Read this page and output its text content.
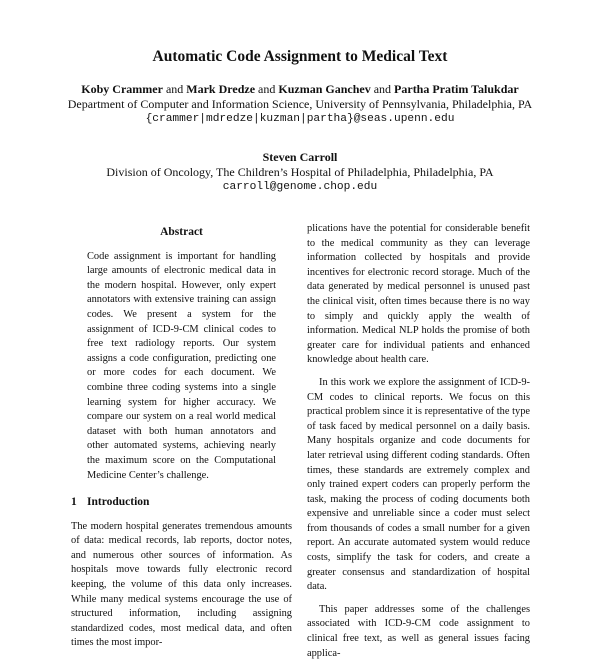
Automatic Code Assignment to Medical Text
Koby Crammer and Mark Dredze and Kuzman Ganchev and Partha Pratim Talukdar
Department of Computer and Information Science, University of Pennsylvania, Philadelphia, PA
{crammer|mdredze|kuzman|partha}@seas.upenn.edu
Steven Carroll
Division of Oncology, The Children’s Hospital of Philadelphia, Philadelphia, PA
carroll@genome.chop.edu
Abstract

Code assignment is important for handling large amounts of electronic medical data in the modern hospital. However, only expert annotators with extensive training can assign codes. We present a system for the assignment of ICD-9-CM clinical codes to free text radiology reports. Our system assigns a code configuration, predicting one or more codes for each document. We combine three coding systems into a single learning system for higher accuracy. We compare our system on a real world medical dataset with both human annotators and other automated systems, achieving nearly the maximum score on the Computational Medicine Center’s challenge.

1 Introduction

The modern hospital generates tremendous amounts of data: medical records, lab reports, doctor notes, and numerous other sources of information. As hospitals move towards fully electronic record keeping, the volume of this data only increases. While many medical systems encourage the use of structured information, including assigning standardized codes, most medical data, and often times the most impor-

plications have the potential for considerable benefit to the medical community as they can leverage information collected by hospitals and provide incentives for electronic record storage. Much of the data generated by medical personnel is unused past the clinical visit, often times because there is no way to simply and quickly apply the wealth of information. Medical NLP holds the promise of both greater care for individual patients and enhanced knowledge about health care.

In this work we explore the assignment of ICD-9-CM codes to clinical reports. We focus on this practical problem since it is representative of the type of task faced by medical personnel on a daily basis. Many hospitals organize and code documents for later retrieval using different coding standards. Often times, these standards are extremely complex and only trained expert coders can properly perform the task, making the process of coding documents both expensive and unreliable since a coder must select from thousands of codes a small number for a given report. An accurate automated system would reduce costs, simplify the task for coders, and create a greater consensus and standardization of hospital data.

This paper addresses some of the challenges associated with ICD-9-CM code assignment to clinical free text, as well as general issues facing applica-
